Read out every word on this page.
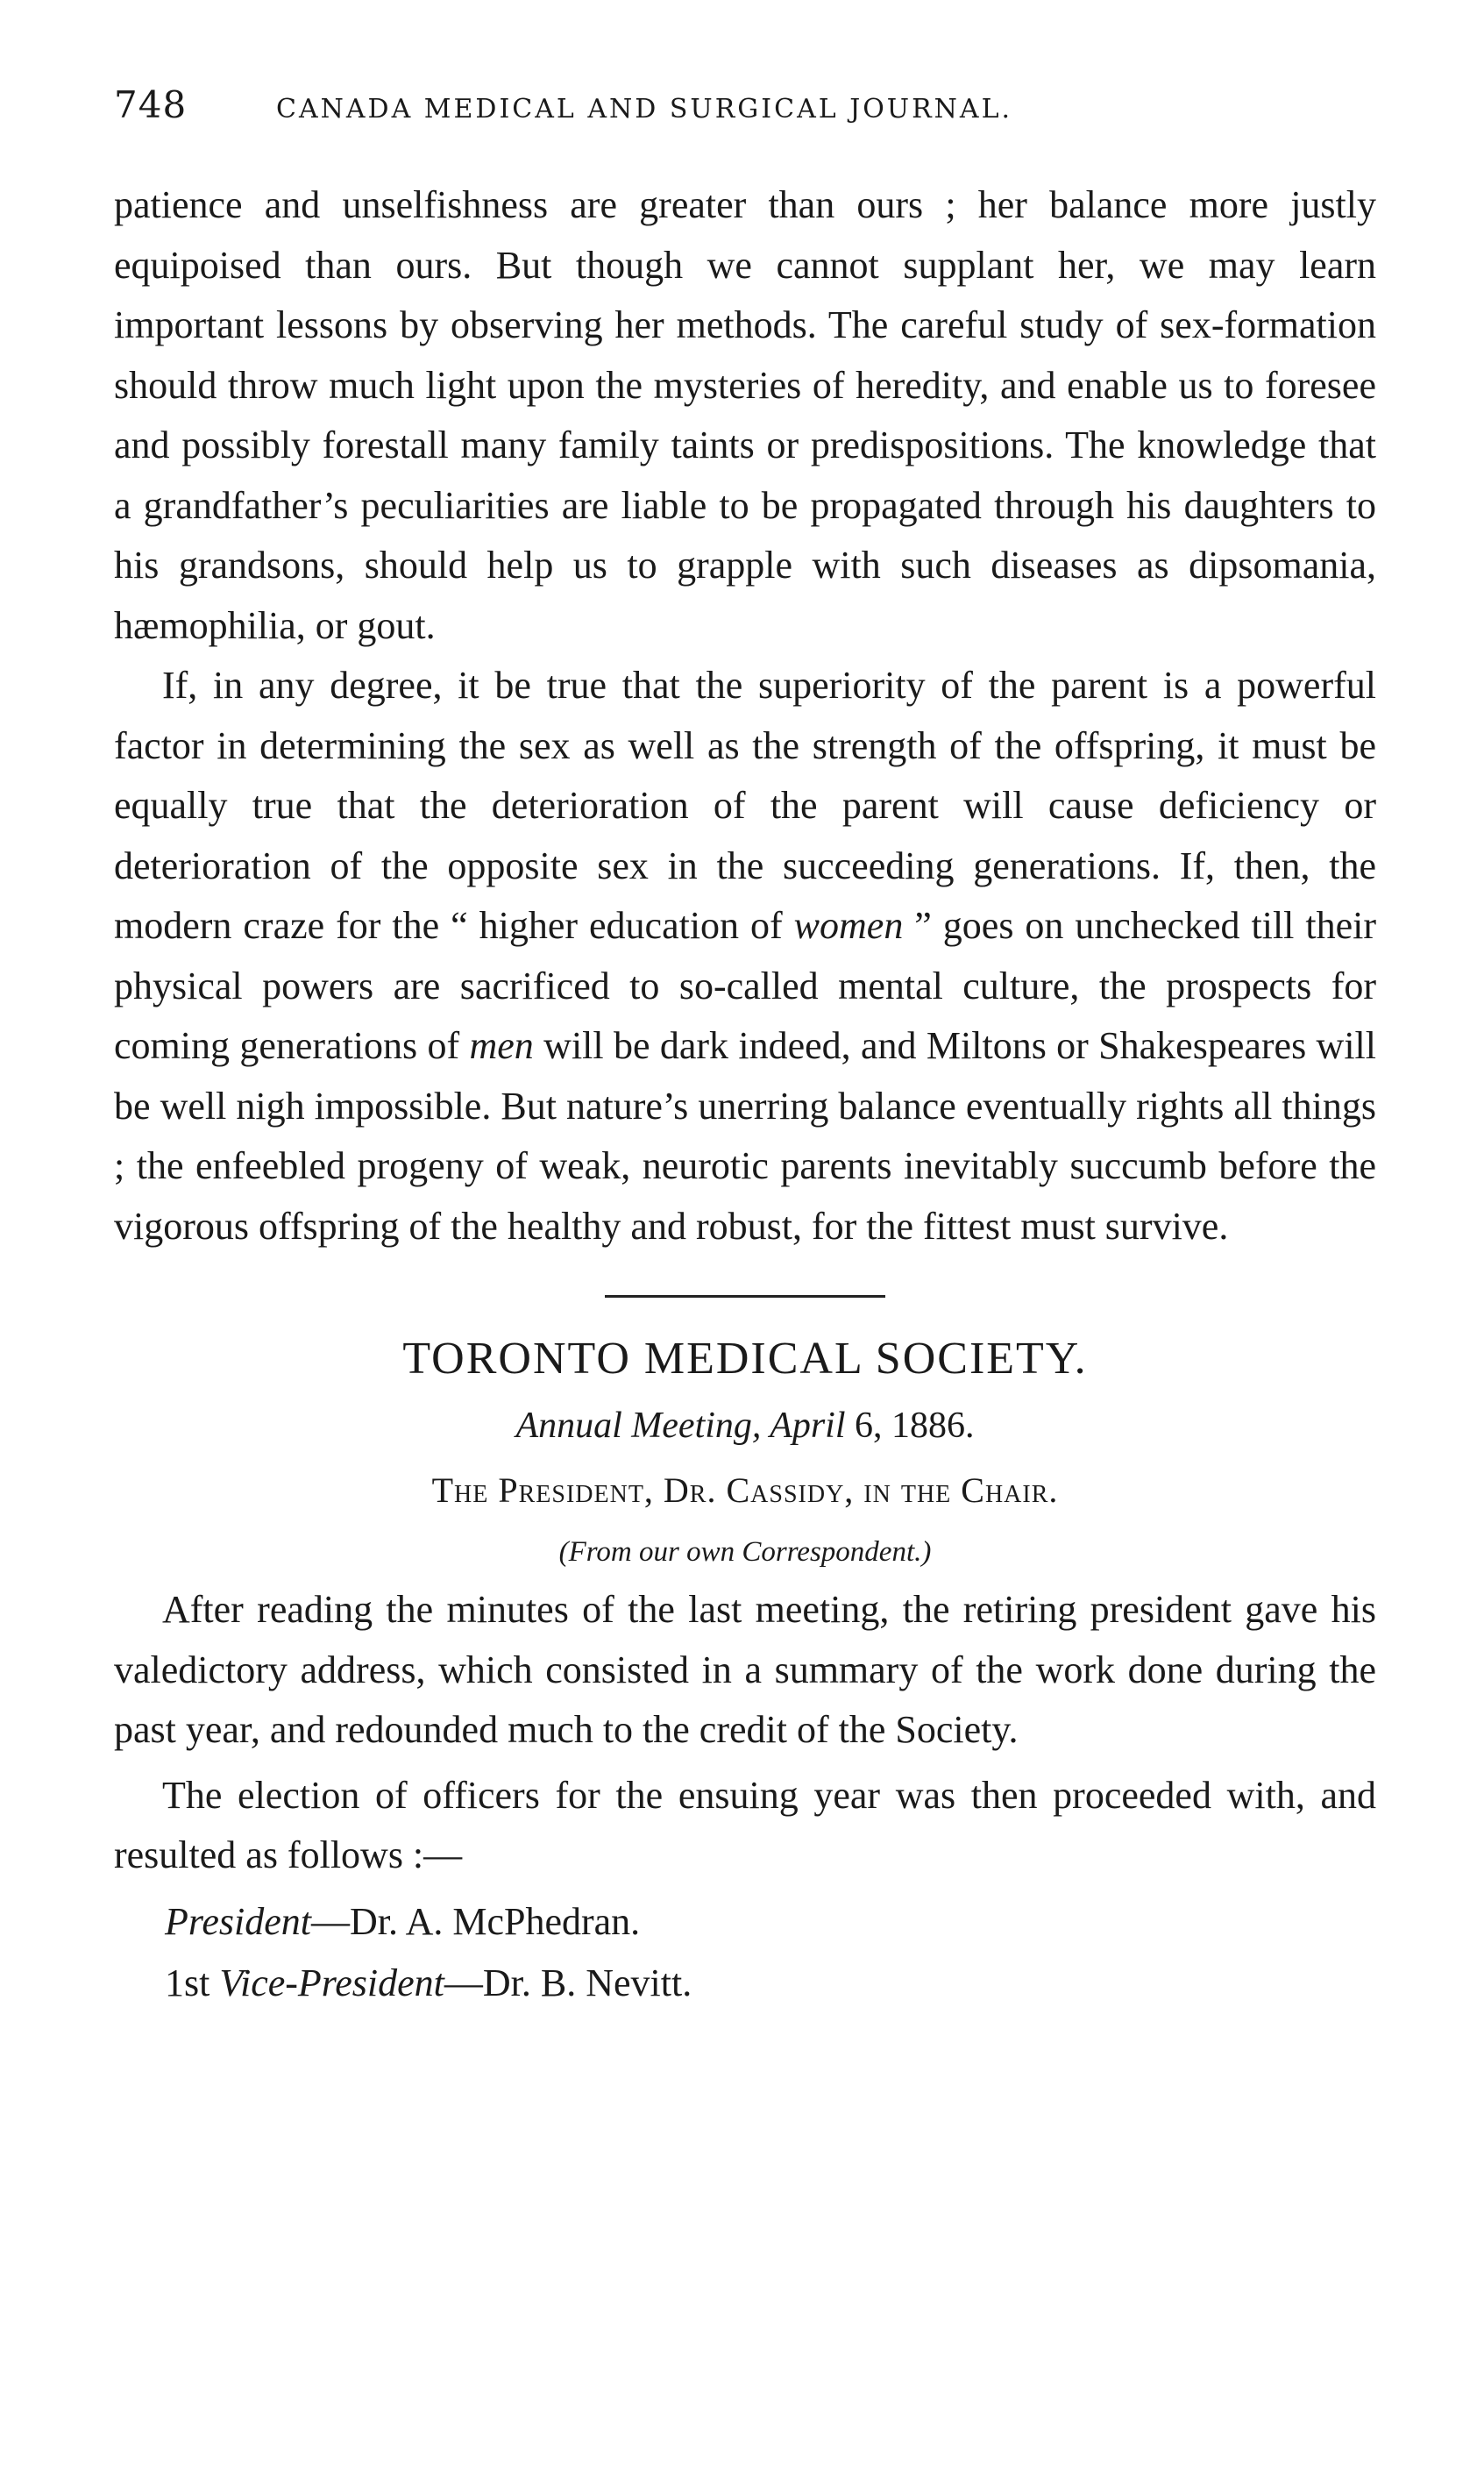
748	CANADA MEDICAL AND SURGICAL JOURNAL.

patience and unselfishness are greater than ours ; her balance more justly equipoised than ours. But though we cannot supplant her, we may learn important lessons by observing her methods. The careful study of sex-formation should throw much light upon the mysteries of heredity, and enable us to foresee and possibly forestall many family taints or predispositions. The knowledge that a grandfather’s peculiarities are liable to be propagated through his daughters to his grandsons, should help us to grapple with such diseases as dipsomania, hæmophilia, or gout.

If, in any degree, it be true that the superiority of the parent is a powerful factor in determining the sex as well as the strength of the offspring, it must be equally true that the deterioration of the parent will cause deficiency or deterioration of the opposite sex in the succeeding generations. If, then, the modern craze for the “ higher education of women ” goes on unchecked till their physical powers are sacrificed to so-called mental culture, the prospects for coming generations of men will be dark indeed, and Miltons or Shakespeares will be well nigh impossible. But nature’s unerring balance eventually rights all things ; the enfeebled progeny of weak, neurotic parents inevitably succumb before the vigorous offspring of the healthy and robust, for the fittest must survive.

TORONTO MEDICAL SOCIETY.

Annual Meeting, April 6, 1886.

The President, Dr. Cassidy, in the Chair.

(From our own Correspondent.)

After reading the minutes of the last meeting, the retiring president gave his valedictory address, which consisted in a summary of the work done during the past year, and redounded much to the credit of the Society.

The election of officers for the ensuing year was then proceeded with, and resulted as follows :—

President—Dr. A. McPhedran.

1st Vice-President—Dr. B. Nevitt.
